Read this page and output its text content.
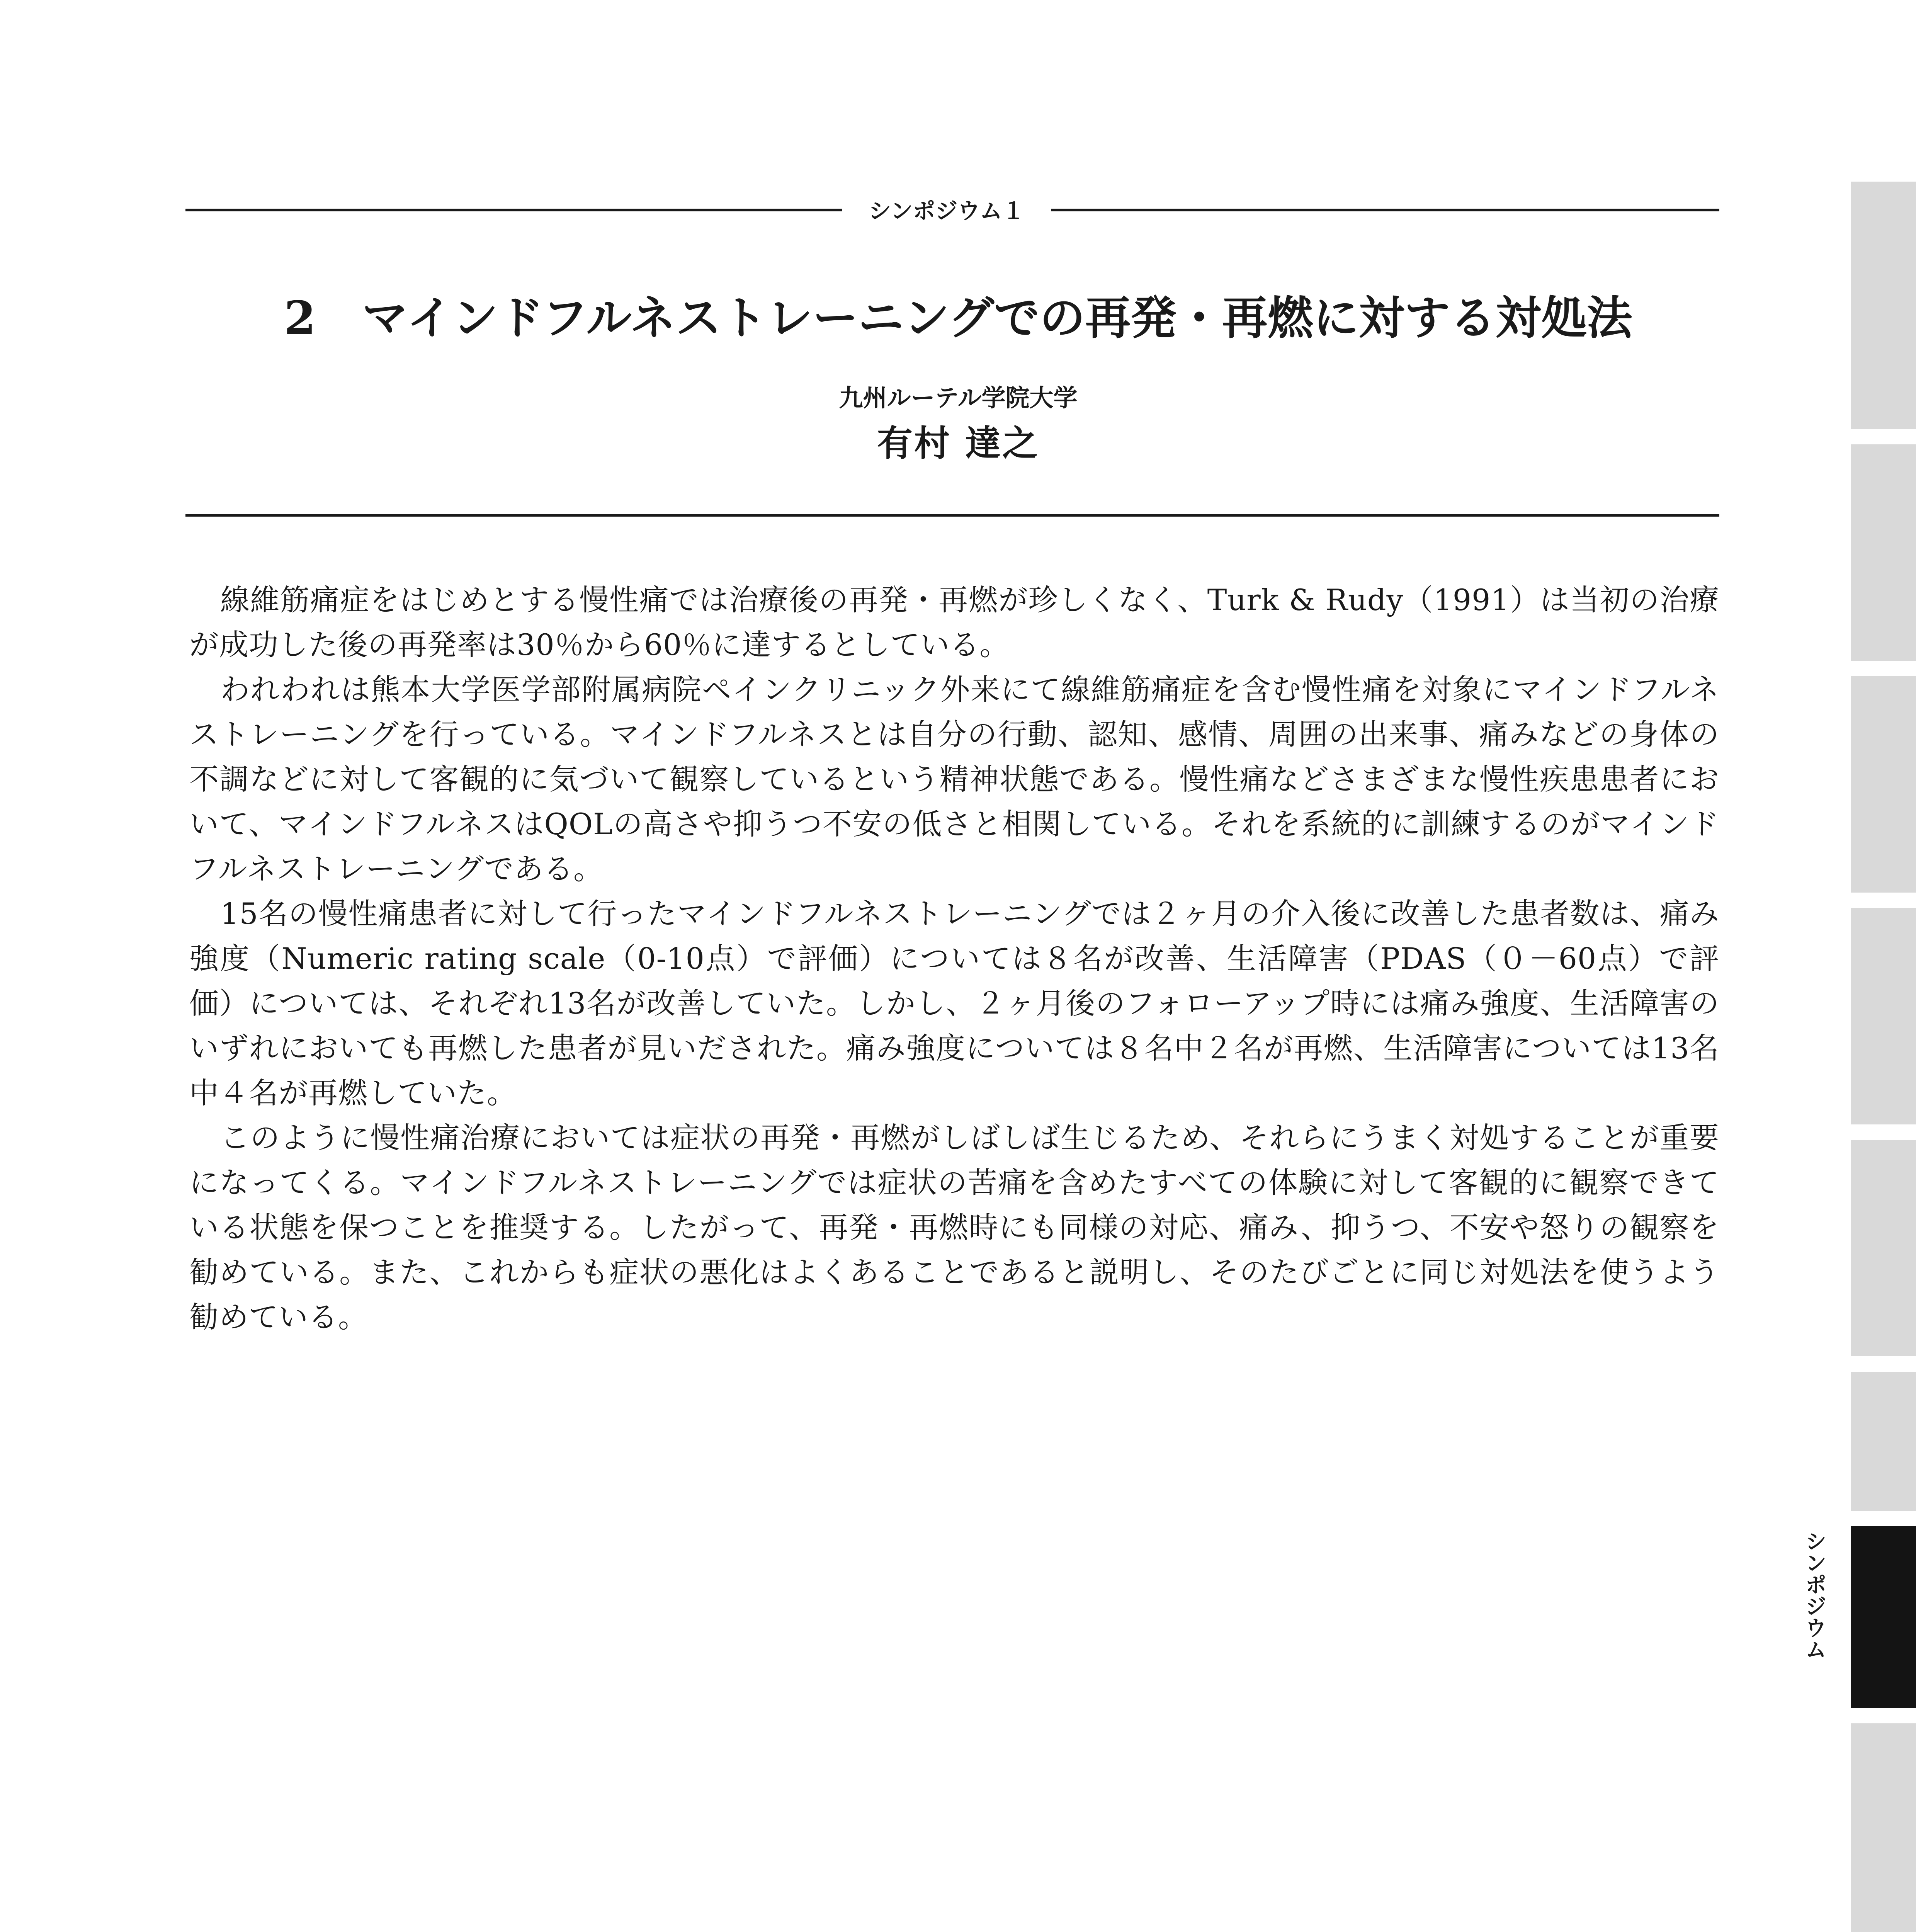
シンポジウム１
2 マインドフルネストレーニングでの再発・再燃に対する対処法
九州ルーテル学院大学
有村 達之

線維筋痛症をはじめとする慢性痛では治療後の再発・再燃が珍しくなく、Turk & Rudy（1991）は当初の治療が成功した後の再発率は30％から60％に達するとしている。

われわれは熊本大学医学部附属病院ペインクリニック外来にて線維筋痛症を含む慢性痛を対象にマインドフルネストレーニングを行っている。マインドフルネスとは自分の行動、認知、感情、周囲の出来事、痛みなどの身体の不調などに対して客観的に気づいて観察しているという精神状態である。慢性痛などさまざまな慢性疾患患者において、マインドフルネスはQOLの高さや抑うつ不安の低さと相関している。それを系統的に訓練するのがマインドフルネストレーニングである。

15名の慢性痛患者に対して行ったマインドフルネストレーニングでは２ヶ月の介入後に改善した患者数は、痛み強度（Numeric rating scale（0-10点）で評価）については８名が改善、生活障害（PDAS（０－60点）で評価）については、それぞれ13名が改善していた。しかし、２ヶ月後のフォローアップ時には痛み強度、生活障害のいずれにおいても再燃した患者が見いだされた。痛み強度については８名中２名が再燃、生活障害については13名中４名が再燃していた。

このように慢性痛治療においては症状の再発・再燃がしばしば生じるため、それらにうまく対処することが重要になってくる。マインドフルネストレーニングでは症状の苦痛を含めたすべての体験に対して客観的に観察できている状態を保つことを推奨する。したがって、再発・再燃時にも同様の対応、痛み、抑うつ、不安や怒りの観察を勧めている。また、これからも症状の悪化はよくあることであると説明し、そのたびごとに同じ対処法を使うよう勧めている。

シンポジウム
